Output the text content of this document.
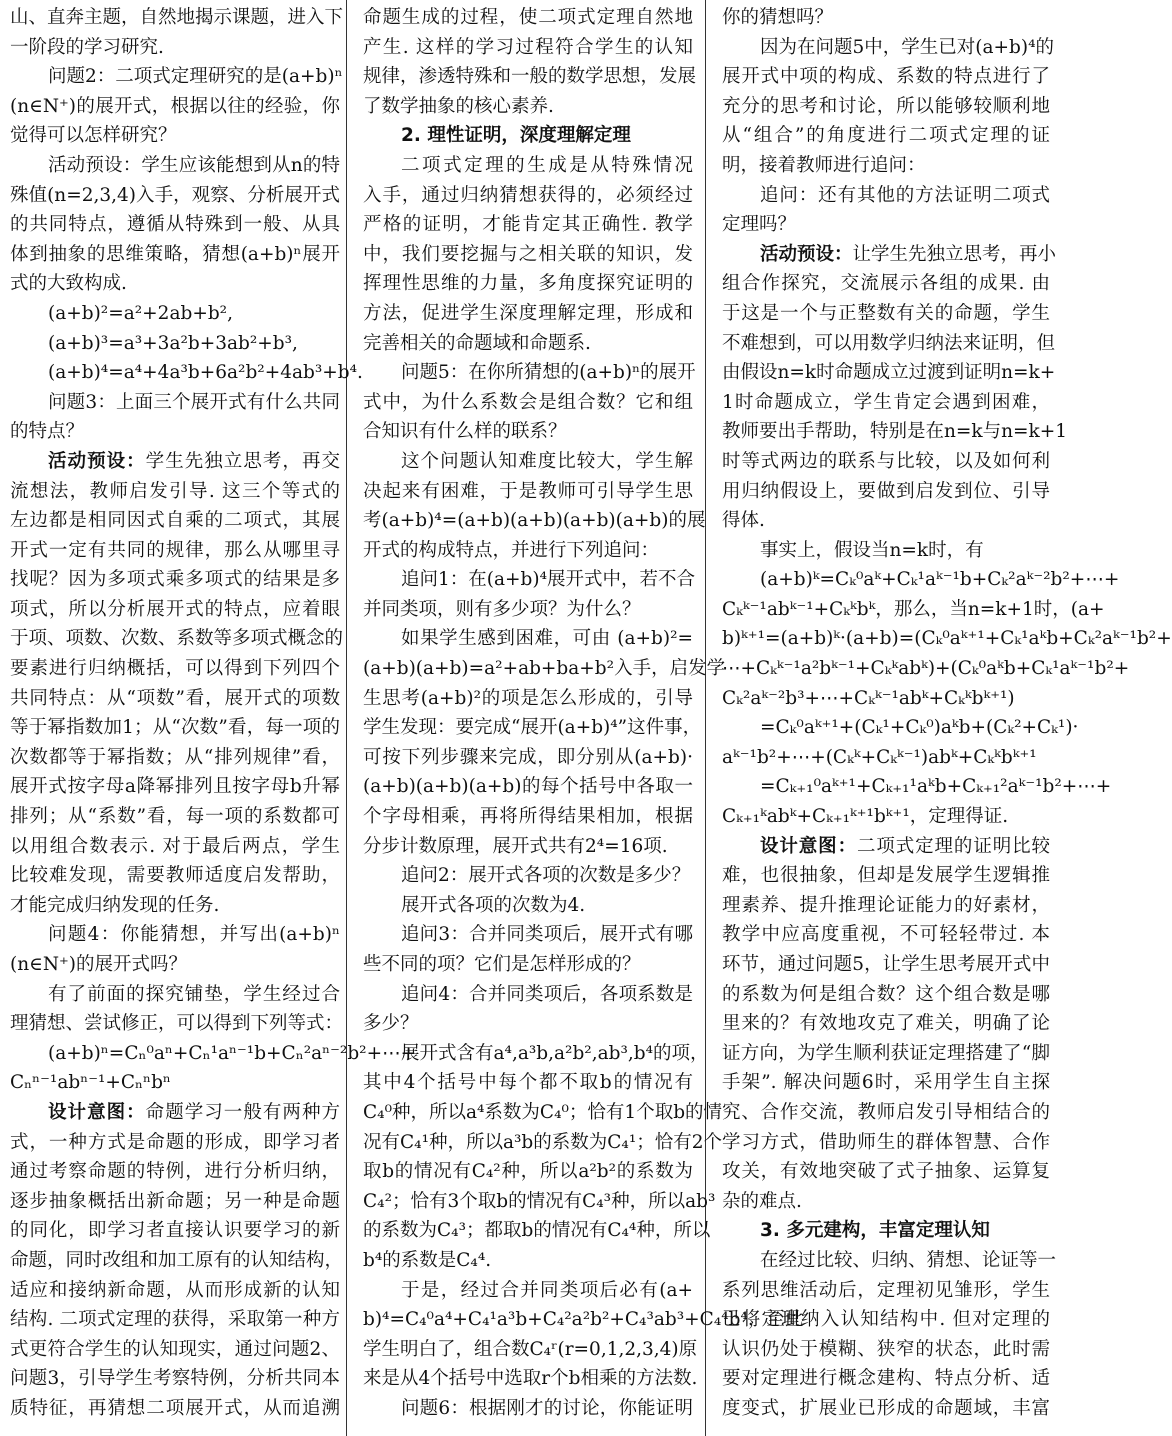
山、直奔主题，自然地揭示课题，进入下
一阶段的学习研究.
问题2：二项式定理研究的是(a+b)ⁿ
(n∈N⁺)的展开式，根据以往的经验，你
觉得可以怎样研究？
活动预设：学生应该能想到从n的特
殊值(n=2,3,4)入手，观察、分析展开式
的共同特点，遵循从特殊到一般、从具
体到抽象的思维策略，猜想(a+b)ⁿ展开
式的大致构成.
(a+b)²=a²+2ab+b²,
(a+b)³=a³+3a²b+3ab²+b³,
(a+b)⁴=a⁴+4a³b+6a²b²+4ab³+b⁴.
问题3：上面三个展开式有什么共同
的特点？
活动预设：学生先独立思考，再交
流想法，教师启发引导. 这三个等式的
左边都是相同因式自乘的二项式，其展
开式一定有共同的规律，那么从哪里寻
找呢？因为多项式乘多项式的结果是多
项式，所以分析展开式的特点，应着眼
于项、项数、次数、系数等多项式概念的
要素进行归纳概括，可以得到下列四个
共同特点：从“项数”看，展开式的项数
等于幂指数加1；从“次数”看，每一项的
次数都等于幂指数；从“排列规律”看，
展开式按字母a降幂排列且按字母b升幂
排列；从“系数”看，每一项的系数都可
以用组合数表示. 对于最后两点，学生
比较难发现，需要教师适度启发帮助，
才能完成归纳发现的任务.
问题4：你能猜想，并写出(a+b)ⁿ
(n∈N⁺)的展开式吗？
有了前面的探究铺垫，学生经过合
理猜想、尝试修正，可以得到下列等式：
(a+b)ⁿ=Cₙ⁰aⁿ+Cₙ¹aⁿ⁻¹b+Cₙ²aⁿ⁻²b²+⋯+
Cₙⁿ⁻¹abⁿ⁻¹+Cₙⁿbⁿ
设计意图：命题学习一般有两种方
式，一种方式是命题的形成，即学习者
通过考察命题的特例，进行分析归纳，
逐步抽象概括出新命题；另一种是命题
的同化，即学习者直接认识要学习的新
命题，同时改组和加工原有的认知结构，
适应和接纳新命题，从而形成新的认知
结构. 二项式定理的获得，采取第一种方
式更符合学生的认知现实，通过问题2、
问题3，引导学生考察特例，分析共同本
质特征，再猜想二项展开式，从而追溯
命题生成的过程，使二项式定理自然地
产生. 这样的学习过程符合学生的认知
规律，渗透特殊和一般的数学思想，发展
了数学抽象的核心素养.
2. 理性证明，深度理解定理
二项式定理的生成是从特殊情况
入手，通过归纳猜想获得的，必须经过
严格的证明，才能肯定其正确性. 教学
中，我们要挖掘与之相关联的知识，发
挥理性思维的力量，多角度探究证明的
方法，促进学生深度理解定理，形成和
完善相关的命题域和命题系.
问题5：在你所猜想的(a+b)ⁿ的展开
式中，为什么系数会是组合数？它和组
合知识有什么样的联系？
这个问题认知难度比较大，学生解
决起来有困难，于是教师可引导学生思
考(a+b)⁴=(a+b)(a+b)(a+b)(a+b)的展
开式的构成特点，并进行下列追问：
追问1：在(a+b)⁴展开式中，若不合
并同类项，则有多少项？为什么？
如果学生感到困难，可由 (a+b)²=
(a+b)(a+b)=a²+ab+ba+b²入手，启发学
生思考(a+b)²的项是怎么形成的，引导
学生发现：要完成“展开(a+b)⁴”这件事，
可按下列步骤来完成，即分别从(a+b)·
(a+b)(a+b)(a+b)的每个括号中各取一
个字母相乘，再将所得结果相加，根据
分步计数原理，展开式共有2⁴=16项.
追问2：展开式各项的次数是多少？
展开式各项的次数为4.
追问3：合并同类项后，展开式有哪
些不同的项？它们是怎样形成的？
追问4：合并同类项后，各项系数是
多少？
展开式含有a⁴,a³b,a²b²,ab³,b⁴的项，
其中4个括号中每个都不取b的情况有
C₄⁰种，所以a⁴系数为C₄⁰；恰有1个取b的情
况有C₄¹种，所以a³b的系数为C₄¹；恰有2个
取b的情况有C₄²种，所以a²b²的系数为
C₄²；恰有3个取b的情况有C₄³种，所以ab³
的系数为C₄³；都取b的情况有C₄⁴种，所以
b⁴的系数是C₄⁴.
于是，经过合并同类项后必有(a+
b)⁴=C₄⁰a⁴+C₄¹a³b+C₄²a²b²+C₄³ab³+C₄⁴b⁴，至此
学生明白了，组合数C₄ʳ(r=0,1,2,3,4)原
来是从4个括号中选取r个b相乘的方法数.
问题6：根据刚才的讨论，你能证明
你的猜想吗？
因为在问题5中，学生已对(a+b)⁴的
展开式中项的构成、系数的特点进行了
充分的思考和讨论，所以能够较顺利地
从“组合”的角度进行二项式定理的证
明，接着教师进行追问：
追问：还有其他的方法证明二项式
定理吗？
活动预设：让学生先独立思考，再小
组合作探究，交流展示各组的成果. 由
于这是一个与正整数有关的命题，学生
不难想到，可以用数学归纳法来证明，但
由假设n=k时命题成立过渡到证明n=k+
1时命题成立，学生肯定会遇到困难，
教师要出手帮助，特别是在n=k与n=k+1
时等式两边的联系与比较，以及如何利
用归纳假设上，要做到启发到位、引导
得体.
事实上，假设当n=k时，有
(a+b)ᵏ=Cₖ⁰aᵏ+Cₖ¹aᵏ⁻¹b+Cₖ²aᵏ⁻²b²+⋯+
Cₖᵏ⁻¹abᵏ⁻¹+Cₖᵏbᵏ，那么，当n=k+1时，(a+
b)ᵏ⁺¹=(a+b)ᵏ·(a+b)=(Cₖ⁰aᵏ⁺¹+Cₖ¹aᵏb+Cₖ²aᵏ⁻¹b²+
⋯+Cₖᵏ⁻¹a²bᵏ⁻¹+Cₖᵏabᵏ)+(Cₖ⁰aᵏb+Cₖ¹aᵏ⁻¹b²+
Cₖ²aᵏ⁻²b³+⋯+Cₖᵏ⁻¹abᵏ+Cₖᵏbᵏ⁺¹)
=Cₖ⁰aᵏ⁺¹+(Cₖ¹+Cₖ⁰)aᵏb+(Cₖ²+Cₖ¹)·
aᵏ⁻¹b²+⋯+(Cₖᵏ+Cₖᵏ⁻¹)abᵏ+Cₖᵏbᵏ⁺¹
=Cₖ₊₁⁰aᵏ⁺¹+Cₖ₊₁¹aᵏb+Cₖ₊₁²aᵏ⁻¹b²+⋯+
Cₖ₊₁ᵏabᵏ+Cₖ₊₁ᵏ⁺¹bᵏ⁺¹，定理得证.
设计意图：二项式定理的证明比较
难，也很抽象，但却是发展学生逻辑推
理素养、提升推理论证能力的好素材，
教学中应高度重视，不可轻轻带过. 本
环节，通过问题5，让学生思考展开式中
的系数为何是组合数？这个组合数是哪
里来的？有效地攻克了难关，明确了论
证方向，为学生顺利获证定理搭建了“脚
手架”. 解决问题6时，采用学生自主探
究、合作交流，教师启发引导相结合的
学习方式，借助师生的群体智慧、合作
攻关，有效地突破了式子抽象、运算复
杂的难点.
3. 多元建构，丰富定理认知
在经过比较、归纳、猜想、论证等一
系列思维活动后，定理初见雏形，学生
已将定理纳入认知结构中. 但对定理的
认识仍处于模糊、狭窄的状态，此时需
要对定理进行概念建构、特点分析、适
度变式，扩展业已形成的命题域，丰富
